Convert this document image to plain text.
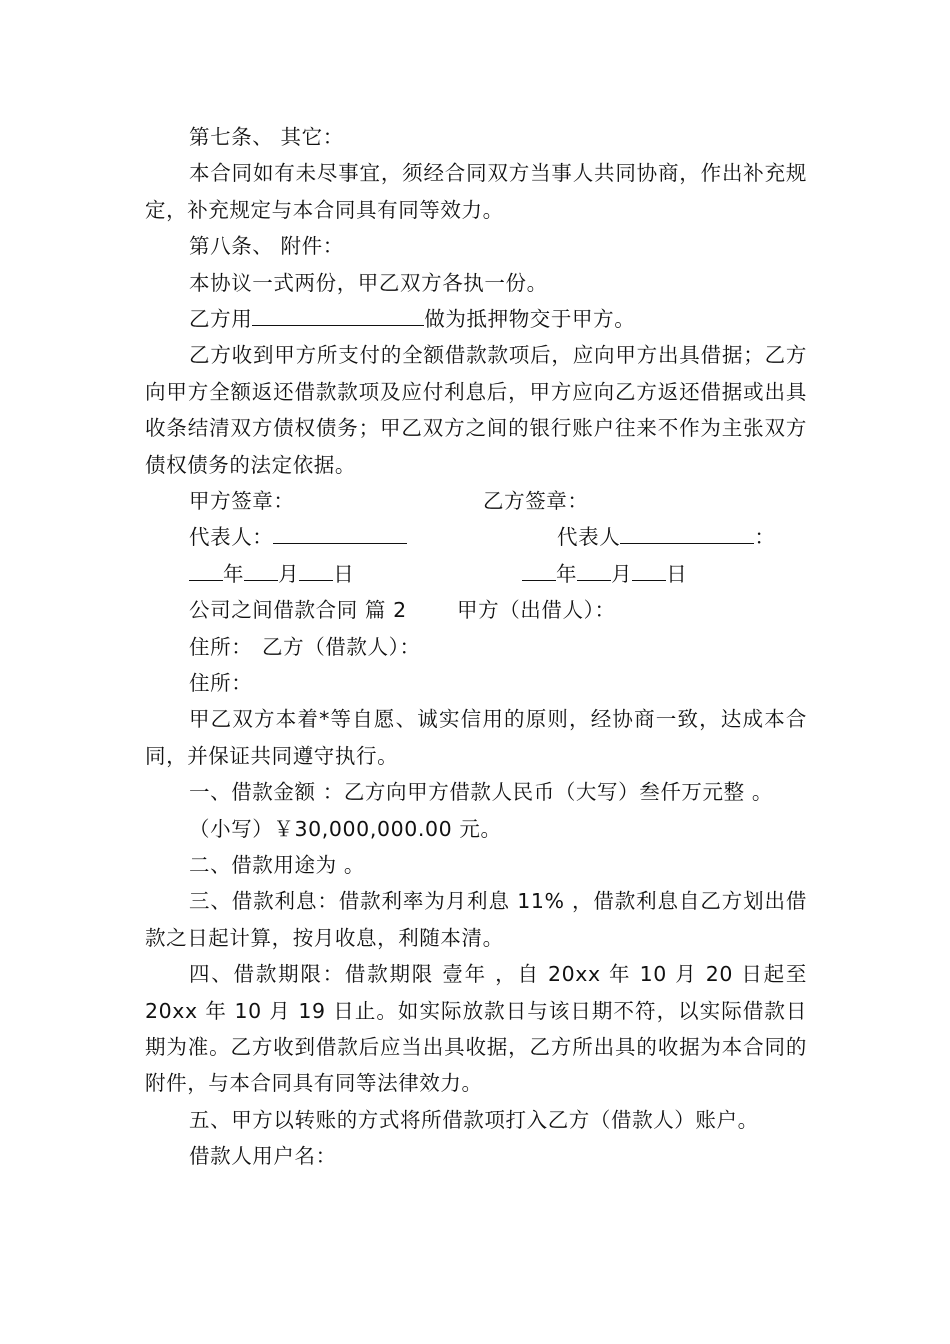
第七条、 其它：

本合同如有未尽事宜，须经合同双方当事人共同协商，作出补充规定，补充规定与本合同具有同等效力。

第八条、 附件：

本协议一式两份，甲乙双方各执一份。

乙方用	做为抵押物交于甲方。

乙方收到甲方所支付的全额借款款项后，应向甲方出具借据；乙方向甲方全额返还借款款项及应付利息后，甲方应向乙方返还借据或出具收条结清双方债权债务；甲乙双方之间的银行账户往来不作为主张双方债权债务的法定依据。

甲方签章：	乙方签章：
代表人：	代表人	：
年 月 日	年 月 日
公司之间借款合同 篇 2 甲方（出借人）：
住所： 乙方（借款人）：

住所：

甲乙双方本着*等自愿、诚实信用的原则，经协商一致，达成本合同，并保证共同遵守执行。

一、借款金额 ：乙方向甲方借款人民币（大写）叁仟万元整 。

（小写）￥30,000,000.00 元。

二、借款用途为 。

三、借款利息：借款利率为月利息 11% ，借款利息自乙方划出借款之日起计算，按月收息，利随本清。

四、借款期限：借款期限 壹年 ，自 20xx 年 10 月 20 日起至 20xx 年 10 月 19 日止。如实际放款日与该日期不符，以实际借款日期为准。乙方收到借款后应当出具收据，乙方所出具的收据为本合同的附件，与本合同具有同等法律效力。

五、甲方以转账的方式将所借款项打入乙方（借款人）账户。

借款人用户名：
